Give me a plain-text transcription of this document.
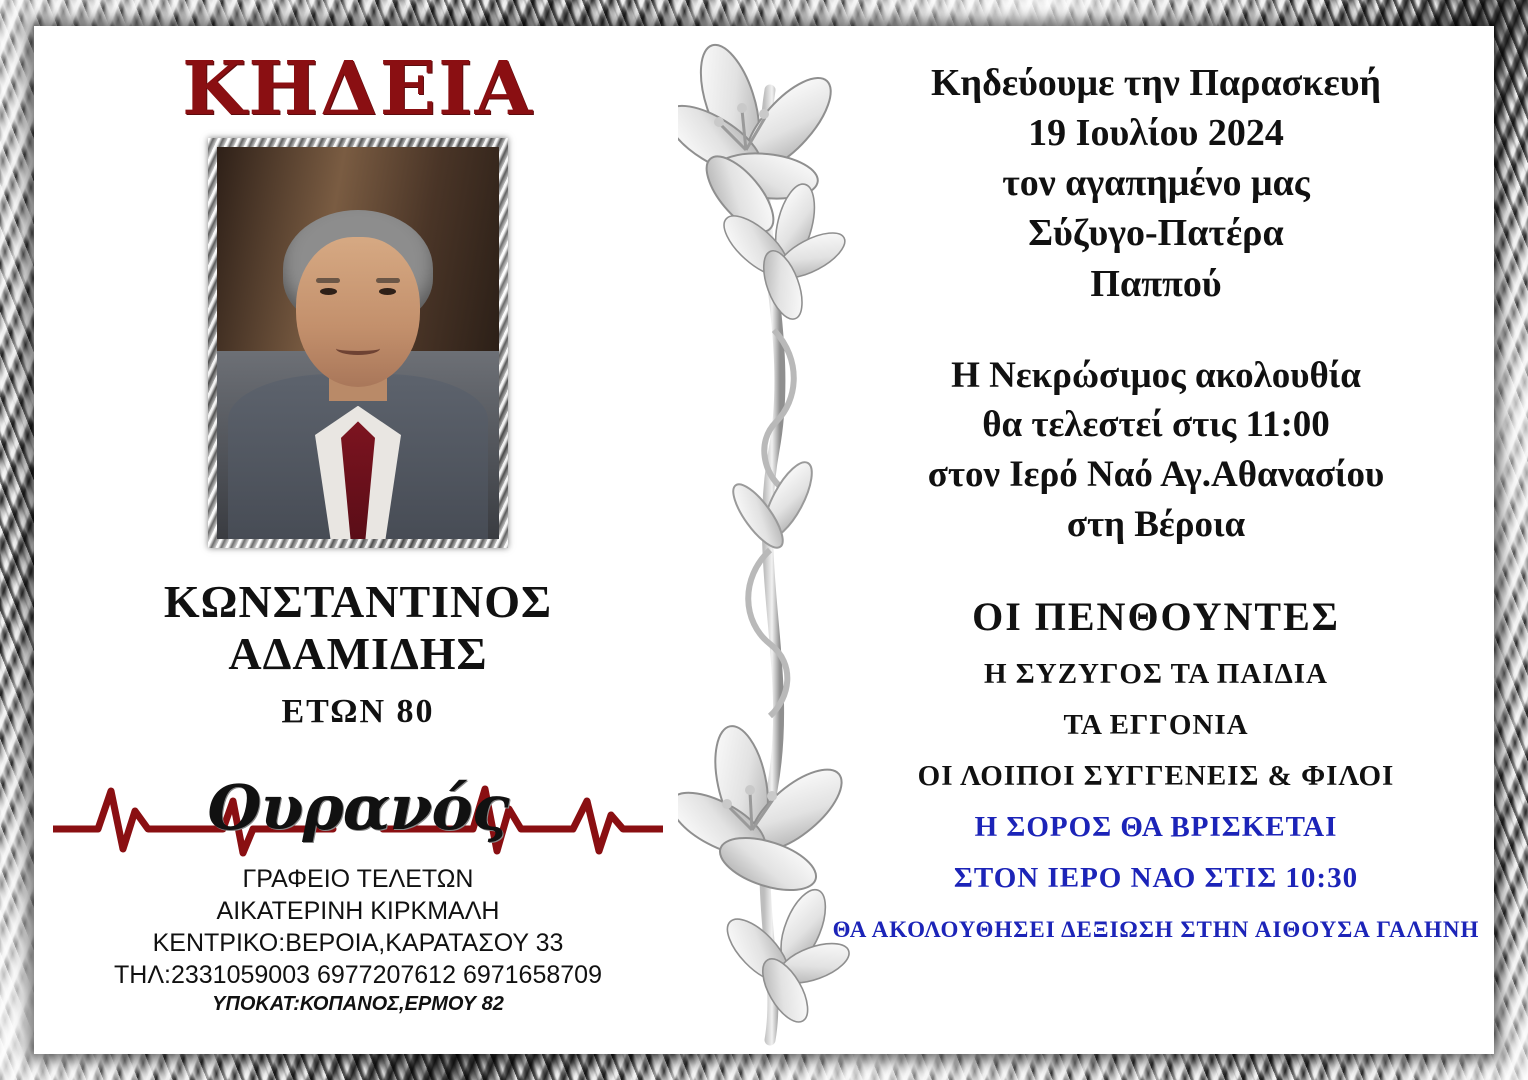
ΚΗΔΕΙΑ
ΚΩΝΣΤΑΝΤΙΝΟΣ
ΑΔΑΜΙΔΗΣ
ΕΤΩΝ 80
Ουρανός
ΓΡΑΦΕΙΟ ΤΕΛΕΤΩΝ
ΑΙΚΑΤΕΡΙΝΗ ΚΙΡΚΜΑΛΗ
ΚΕΝΤΡΙΚΟ:ΒΕΡΟΙΑ,ΚΑΡΑΤΑΣΟΥ 33
ΤΗΛ:2331059003 6977207612 6971658709
ΥΠΟΚΑΤ:ΚΟΠΑΝΟΣ,ΕΡΜΟΥ 82
Κηδεύουμε την Παρασκευή
19 Ιουλίου 2024
τον αγαπημένο μας
Σύζυγο-Πατέρα
Παππού
Η Νεκρώσιμος ακολουθία
θα τελεστεί στις 11:00
στον Ιερό Ναό Αγ.Αθανασίου
στη Βέροια
ΟΙ ΠΕΝΘΟΥΝΤΕΣ
Η ΣΥΖΥΓΟΣ ΤΑ ΠΑΙΔΙΑ
ΤΑ ΕΓΓΟΝΙΑ
ΟΙ ΛΟΙΠΟΙ ΣΥΓΓΕΝΕΙΣ & ΦΙΛΟΙ
Η ΣΟΡΟΣ ΘΑ ΒΡΙΣΚΕΤΑΙ
ΣΤΟΝ ΙΕΡΟ ΝΑΟ ΣΤΙΣ 10:30
ΘΑ ΑΚΟΛΟΥΘΗΣΕΙ ΔΕΞΙΩΣΗ ΣΤΗΝ ΑΙΘΟΥΣΑ ΓΑΛΗΝΗ
